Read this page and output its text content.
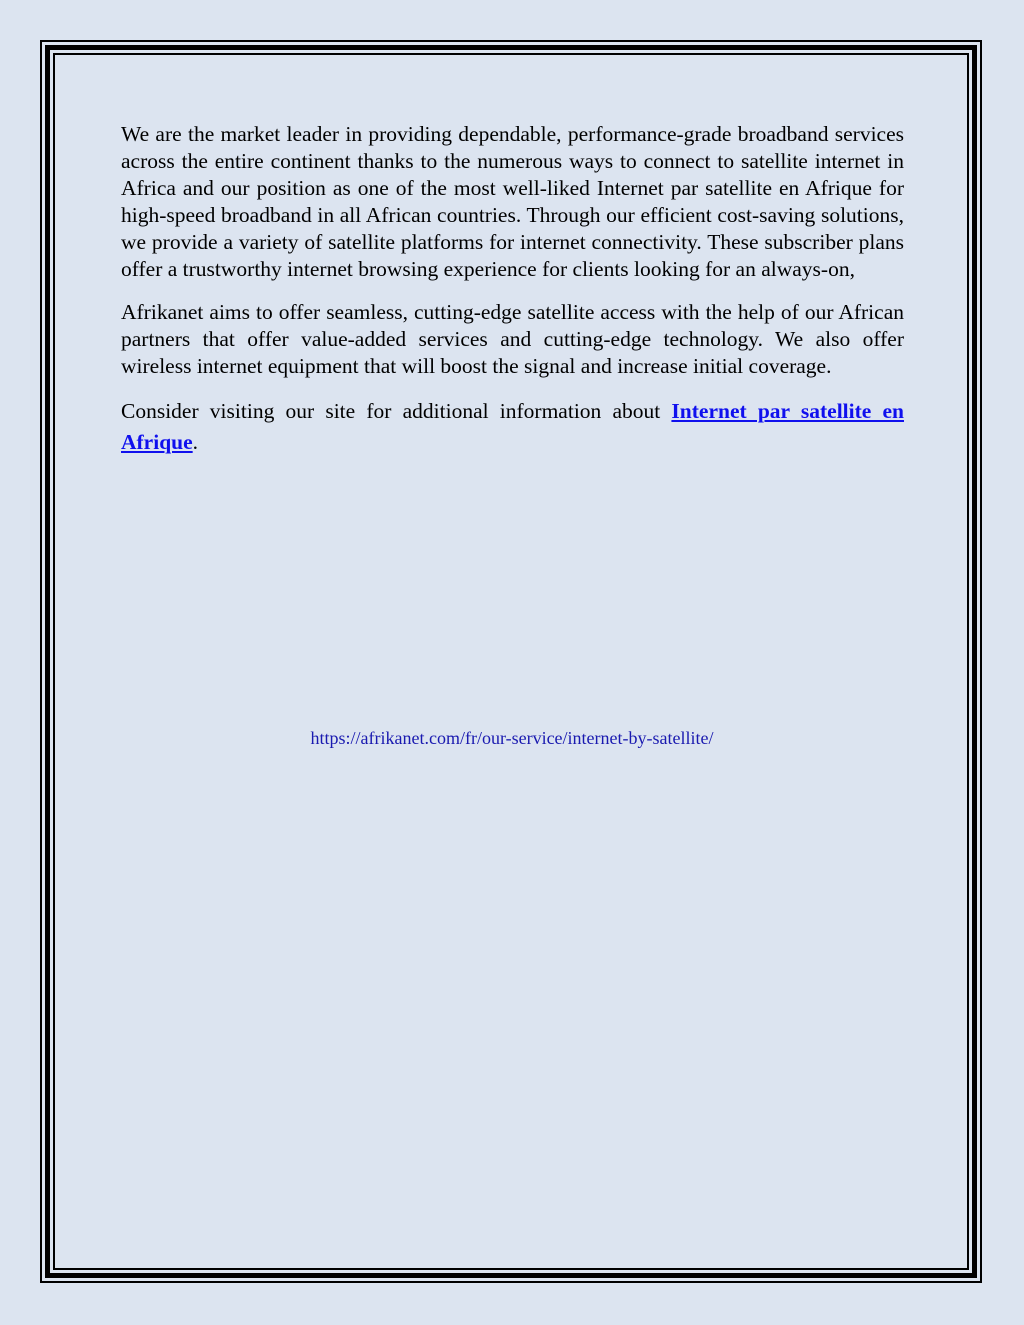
We are the market leader in providing dependable, performance-grade broadband services across the entire continent thanks to the numerous ways to connect to satellite internet in Africa and our position as one of the most well-liked Internet par satellite en Afrique for high-speed broadband in all African countries. Through our efficient cost-saving solutions, we provide a variety of satellite platforms for internet connectivity. These subscriber plans offer a trustworthy internet browsing experience for clients looking for an always-on,

Afrikanet aims to offer seamless, cutting-edge satellite access with the help of our African partners that offer value-added services and cutting-edge technology. We also offer wireless internet equipment that will boost the signal and increase initial coverage.

Consider visiting our site for additional information about Internet par satellite en Afrique.

https://afrikanet.com/fr/our-service/internet-by-satellite/
